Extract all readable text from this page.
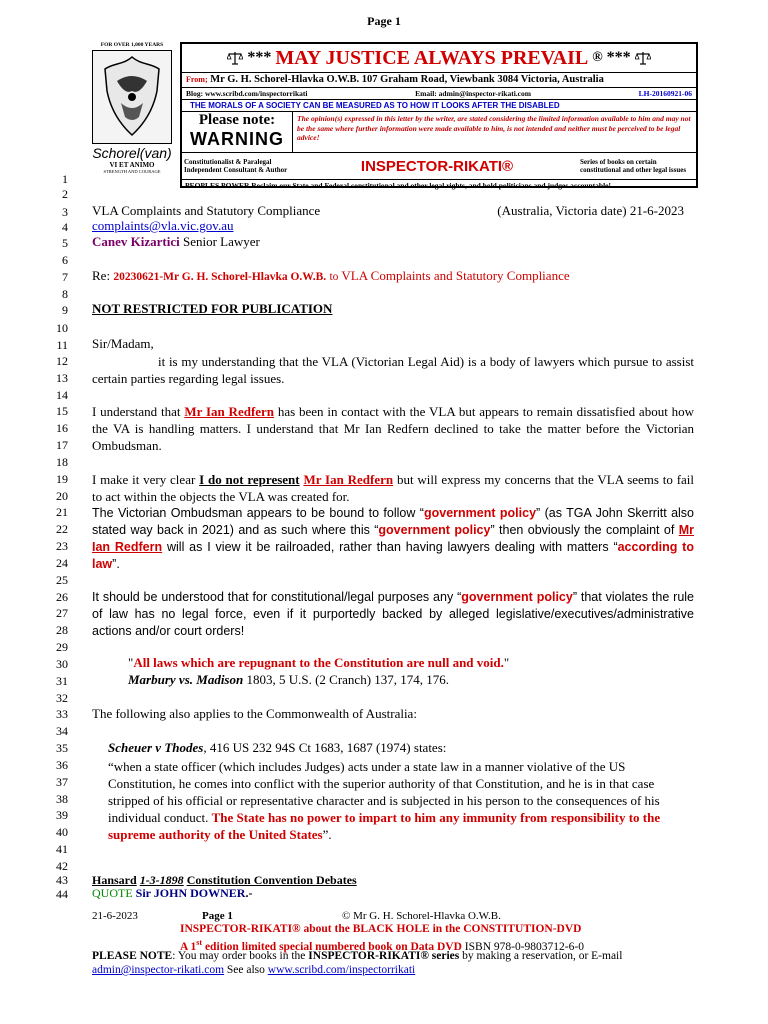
Page 1
FOR OVER 1,000 YEARS
Schorel(van)
VI ET ANIMO
STRENGTH AND COURAGE
*** MAY JUSTICE ALWAYS PREVAIL ® ***
From; Mr G. H. Schorel-Hlavka O.W.B. 107 Graham Road, Viewbank 3084 Victoria, Australia
Blog: www.scribd.com/inspectorrikati	Email: admin@inspector-rikati.com	LH-20160921-06
THE MORALS OF A SOCIETY CAN BE MEASURED AS TO HOW IT LOOKS AFTER THE DISABLED
Please note:
WARNING
The opinion(s) expressed in this letter by the writer, are stated considering the limited information available to him and may not be the same where further information were made available to him, is not intended and neither must be perceived to be legal advice!
Constitutionalist & Paralegal Independent Consultant & Author	INSPECTOR-RIKATI®	Series of books on certain constitutional and other legal issues
PEOPLES POWER Reclaim our State and Federal constitutional and other legal rights, and hold politicians and judges accountable!
1
2
3
4
5
6
7
8
9
10
11
12
13
14
15
16
17
18
19
20
21
22
23
24
25
26
27
28
29
30
31
32
33
34
35
36
37
38
39
40
41
42
43
44
VLA Complaints and Statutory Compliance	(Australia, Victoria date) 21-6-2023
complaints@vla.vic.gov.au
Canev Kizartici Senior Lawyer
Re: 20230621-Mr G. H. Schorel-Hlavka O.W.B. to VLA Complaints and Statutory Compliance
NOT RESTRICTED FOR PUBLICATION
Sir/Madam,
it is my understanding that the VLA (Victorian Legal Aid) is a body of lawyers which pursue to assist certain parties regarding legal issues.
I understand that Mr Ian Redfern has been in contact with the VLA but appears to remain dissatisfied about how the VA is handling matters. I understand that Mr Ian Redfern declined to take the matter before the Victorian Ombudsman.
I make it very clear I do not represent Mr Ian Redfern but will express my concerns that the VLA seems to fail to act within the objects the VLA was created for.
The Victorian Ombudsman appears to be bound to follow “government policy” (as TGA John Skerritt also stated way back in 2021) and as such where this “government policy” then obviously the complaint of Mr Ian Redfern will as I view it be railroaded, rather than having lawyers dealing with matters “according to law”.
It should be understood that for constitutional/legal purposes any “government policy” that violates the rule of law has no legal force, even if it purportedly backed by alleged legislative/executives/administrative actions and/or court orders!
"All laws which are repugnant to the Constitution are null and void."
Marbury vs. Madison 1803, 5 U.S. (2 Cranch) 137, 174, 176.
The following also applies to the Commonwealth of Australia:
Scheuer v Thodes, 416 US 232 94S Ct 1683, 1687 (1974) states:
“when a state officer (which includes Judges) acts under a state law in a manner violative of the US Constitution, he comes into conflict with the superior authority of that Constitution, and he is in that case stripped of his official or representative character and is subjected in his person to the consequences of his individual conduct. The State has no power to impart to him any immunity from responsibility to the supreme authority of the United States”.
Hansard 1-3-1898 Constitution Convention Debates
QUOTE Sir JOHN DOWNER.-
21-6-2023	Page 1	© Mr G. H. Schorel-Hlavka O.W.B.
INSPECTOR-RIKATI® about the BLACK HOLE in the CONSTITUTION-DVD
A 1st edition limited special numbered book on Data DVD ISBN 978-0-9803712-6-0
PLEASE NOTE: You may order books in the INSPECTOR-RIKATI® series by making a reservation, or E-mail
admin@inspector-rikati.com See also www.scribd.com/inspectorrikati
